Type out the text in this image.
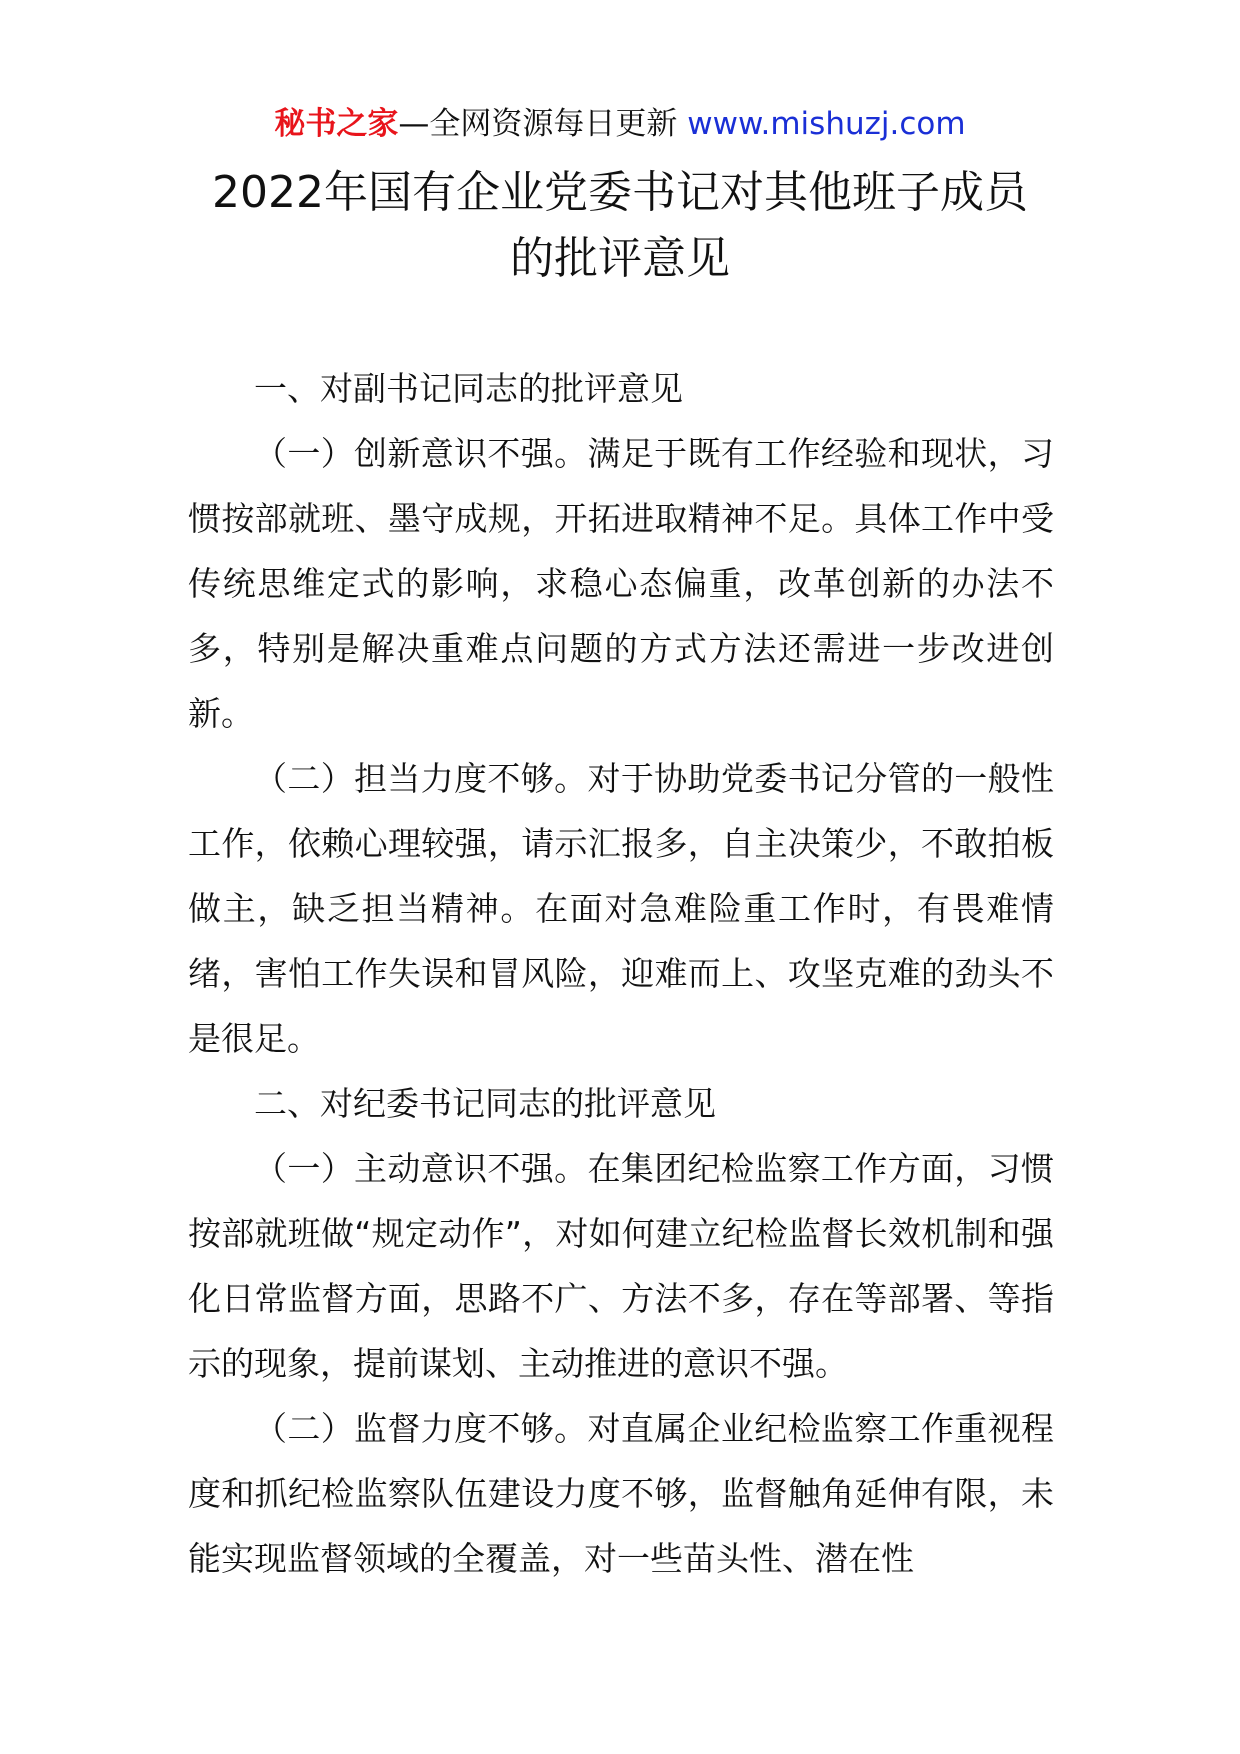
秘书之家—全网资源每日更新 www.mishuzj.com
2022年国有企业党委书记对其他班子成员
的批评意见

一、对副书记同志的批评意见

（一）创新意识不强。满足于既有工作经验和现状，习惯按部就班、墨守成规，开拓进取精神不足。具体工作中受传统思维定式的影响，求稳心态偏重，改革创新的办法不多，特别是解决重难点问题的方式方法还需进一步改进创新。

（二）担当力度不够。对于协助党委书记分管的一般性工作，依赖心理较强，请示汇报多，自主决策少，不敢拍板做主，缺乏担当精神。在面对急难险重工作时，有畏难情绪，害怕工作失误和冒风险，迎难而上、攻坚克难的劲头不是很足。

二、对纪委书记同志的批评意见

（一）主动意识不强。在集团纪检监察工作方面，习惯按部就班做“规定动作”，对如何建立纪检监督长效机制和强化日常监督方面，思路不广、方法不多，存在等部署、等指示的现象，提前谋划、主动推进的意识不强。

（二）监督力度不够。对直属企业纪检监察工作重视程度和抓纪检监察队伍建设力度不够，监督触角延伸有限，未能实现监督领域的全覆盖，对一些苗头性、潜在性
